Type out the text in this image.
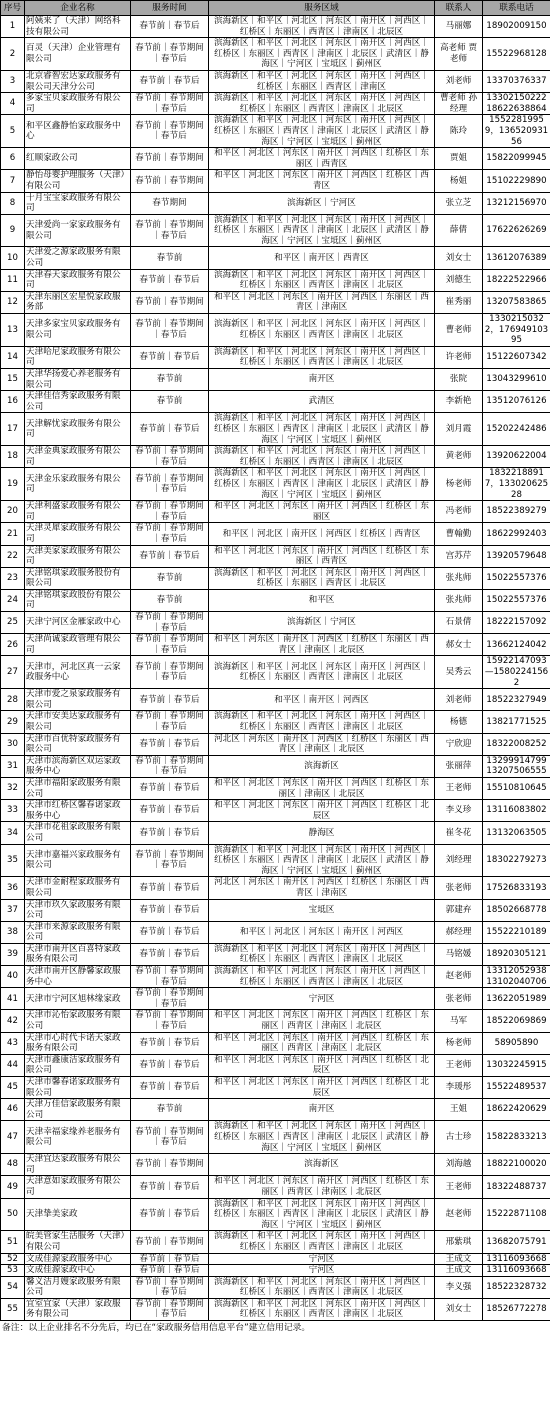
序号	企业名称	服务时间	服务区域	联系人	联系电话
1	阿姨来了（天津）网络科技有限公司	春节前｜春节后	滨海新区｜和平区｜河北区｜河东区｜南开区｜河西区｜红桥区｜东丽区｜西青区｜津南区｜北辰区	马丽娜	18902009150
2	百灵（天津）企业管理有限公司	春节前｜春节期间｜春节后	滨海新区｜和平区｜河北区｜河东区｜南开区｜河西区｜红桥区｜东丽区｜西青区｜津南区｜北辰区｜武清区｜静海区｜宁河区｜宝坻区｜蓟州区	高老师 贾老师	15522968128
3	北京睿智宏达家政服务有限公司天津分公司	春节前｜春节后	滨海新区｜和平区｜河北区｜河东区｜南开区｜河西区｜红桥区｜东丽区｜西青区｜津南区	刘老师	13370376337
4	多家宝贝家政服务有限公司	春节前｜春节期间｜春节后	滨海新区｜和平区｜河北区｜河东区｜南开区｜河西区｜红桥区｜东丽区｜西青区｜津南区｜北辰区	曹老师 孙经理	13302150222 18622638864
5	和平区鑫静怡家政服务中心	春节前｜春节期间｜春节后	滨海新区｜和平区｜河北区｜河东区｜南开区｜河西区｜红桥区｜东丽区｜西青区｜津南区｜北辰区｜武清区｜静海区｜宁河区｜宝坻区｜蓟州区	陈玲	15522819959，13652093156
6	红顺家政公司	春节前｜春节期间	和平区｜河北区｜河东区｜南开区｜河西区｜红桥区｜东丽区｜西青区	贾姐	15822099945
7	静怡母婴护理服务（天津）有限公司	春节前｜春节期间	和平区｜河北区｜河东区｜南开区｜河西区｜红桥区｜西青区	杨姐	15102229890
8	十月宝宝家政服务有限公司	春节期间	滨海新区｜宁河区	张立芝	13212156970
9	天津爱尚一家家政服务有限公司	春节前｜春节期间｜春节后	滨海新区｜和平区｜河北区｜河东区｜南开区｜河西区｜红桥区｜东丽区｜西青区｜津南区｜北辰区｜武清区｜静海区｜宁河区｜宝坻区｜蓟州区	薛倩	17622626269
10	天津爱之源家政服务有限公司	春节前	和平区｜南开区｜西青区	刘女士	13612076389
11	天津春天家政服务有限公司	春节前｜春节后	滨海新区｜和平区｜河北区｜河东区｜南开区｜河西区｜红桥区｜东丽区｜西青区｜津南区｜北辰区	刘德生	18222522966
12	天津东丽区宏星悦家政服务部	春节前｜春节期间	和平区｜河北区｜河东区｜南开区｜河西区｜东丽区｜西青区｜津南区	崔秀丽	13207583865
13	天津多家宝贝家政服务有限公司	春节前｜春节期间｜春节后	滨海新区｜和平区｜河北区｜河东区｜南开区｜河西区｜红桥区｜东丽区｜西青区｜津南区｜北辰区	曹老师	13302150322，17694910395
14	天津哈尼家政服务有限公司	春节前｜春节后	滨海新区｜和平区｜河北区｜河东区｜南开区｜河西区｜红桥区｜东丽区｜西青区｜津南区｜北辰区	许老师	15122607342
15	天津华扬爱心养老服务有限公司	春节前	南开区	张院	13043299610
16	天津佳信秀家政服务有限公司	春节前	武清区	李新艳	13512076126
17	天津解忧家政服务有限公司	春节前｜春节后	滨海新区｜和平区｜河北区｜河东区｜南开区｜河西区｜红桥区｜东丽区｜西青区｜津南区｜北辰区｜武清区｜静海区｜宁河区｜宝坻区｜蓟州区	刘月霞	15202242486
18	天津金典家政服务有限公司	春节前｜春节期间｜春节后	滨海新区｜和平区｜河北区｜河东区｜南开区｜河西区｜红桥区｜东丽区｜西青区｜津南区｜北辰区	黄老师	13920622004
19	天津金乐家政服务有限公司	春节前｜春节期间｜春节后	滨海新区｜和平区｜河北区｜河东区｜南开区｜河西区｜红桥区｜东丽区｜西青区｜津南区｜北辰区｜武清区｜静海区｜宁河区｜宝坻区｜蓟州区	杨老师	18322188917，13302062528
20	天津利盛家政服务有限公司	春节前｜春节期间｜春节后	和平区｜河北区｜河东区｜南开区｜河西区｜红桥区｜东丽区	冯老师	18522389279
21	天津灵犀家政服务有限公司	春节前｜春节期间｜春节后	和平区｜河北区｜南开区｜河西区｜红桥区｜西青区	曹翰勤	18622992403
22	天津美家家政服务有限公司	春节前｜春节后	和平区｜河北区｜河东区｜南开区｜河西区｜红桥区｜东丽区｜西青区	宫苏芹	13920579648
23	天津铭琪家政服务股份有限公司	春节前	滨海新区｜和平区｜河北区｜河东区｜南开区｜河西区｜红桥区｜东丽区｜西青区｜北辰区	张兆师	15022557376
24	天津铭琪家政股份有限公司	春节前	和平区	张兆师	15022557376
25	天津宁河区金雁家政中心	春节前｜春节期间｜春节后	滨海新区｜宁河区	石景倩	18222157092
26	天津尚诚家政管理有限公司	春节前｜春节期间｜春节后	和平区｜河东区｜南开区｜河西区｜红桥区｜东丽区｜西青区｜津南区｜北辰区	郝女士	13662124042
27	天津市，河北区真一云家政服务中心	春节前｜春节期间｜春节后	滨海新区｜和平区｜河北区｜河东区｜南开区｜河西区｜红桥区｜东丽区｜西青区｜津南区｜北辰区	吴秀云	15922147093—15802241562
28	天津市爱之泉家政服务有限公司	春节前｜春节后	和平区｜南开区｜河西区	刘老师	18522327949
29	天津市安美达家政服务有限公司	春节前｜春节期间｜春节后	滨海新区｜和平区｜河北区｜河东区｜南开区｜河西区｜红桥区｜东丽区｜西青区｜津南区｜北辰区	杨德	13821771525
30	天津市百优特家政服务有限公司	春节前｜春节后	河北区｜河东区｜南开区｜河西区｜红桥区｜东丽区｜西青区｜津南区｜北辰区	宁欣迎	18322008252
31	天津市滨海新区双运家政服务中心	春节前｜春节期间｜春节后	滨海新区	张丽萍	13299914799 13207506555
32	天津市福阳家政服务有限公司	春节前｜春节后	和平区｜河北区｜河东区｜南开区｜河西区｜红桥区｜东丽区｜津南区｜北辰区	王老师	15510810645
33	天津市红桥区馨春诺家政服务中心	春节前｜春节后	和平区｜河北区｜河东区｜南开区｜河西区｜红桥区｜北辰区	李义珍	13116083802
34	天津市花祖家政服务有限公司	春节前｜春节后	静海区	崔冬花	13132063505
35	天津市嘉福兴家政服务有限公司	春节前｜春节期间｜春节后	滨海新区｜和平区｜河北区｜河东区｜南开区｜河西区｜红桥区｜东丽区｜西青区｜津南区｜北辰区｜武清区｜静海区｜宁河区｜宝坻区｜蓟州区	刘经理	18302279273
36	天津市金耐程家政服务有限公司	春节前｜春节后	河北区｜河东区｜南开区｜河西区｜红桥区｜东丽区｜西青区｜津南区	张老师	17526833193
37	天津市玖久家政服务有限公司	春节前｜春节后	宝坻区	郭建弃	18502668778
38	天津市来源家政服务有限公司	春节前｜春节后	和平区｜河北区｜河东区｜南开区｜河西区	郝经理	15522210189
39	天津市南开区百喜特家政服务有限公司	春节前｜春节后	滨海新区｜和平区｜河北区｜河东区｜南开区｜河西区｜红桥区｜东丽区｜西青区｜津南区｜北辰区	马铭媛	18920305121
40	天津市南开区静馨家政服务中心	春节前｜春节期间｜春节后	滨海新区｜和平区｜河北区｜河东区｜南开区｜河西区｜红桥区｜东丽区｜西青区｜津南区｜北辰区	赵老师	13312052938 13102040706
41	天津市宁河区旭林缘家政	春节前｜春节期间｜春节后	宁河区	张老师	13622051989
42	天津市沁怡家政服务有限公司	春节前｜春节期间｜春节后	和平区｜河北区｜河东区｜南开区｜河西区｜红桥区｜东丽区｜西青区｜津南区｜北辰区	马军	18522069869
43	天津市心时代卡诺天家政服务有限公司	春节前｜春节后	和平区｜河北区｜河东区｜南开区｜河西区｜红桥区｜东丽区｜西青区｜津南区｜北辰区	杨老师	58905890
44	天津市鑫康洁家政服务有限公司	春节前｜春节后	和平区｜河北区｜河东区｜南开区｜河西区｜红桥区｜北辰区	王老师	13032245915
45	天津市馨春诺家政服务有限公司	春节前｜春节后	和平区｜河北区｜河东区｜南开区｜河西区｜红桥区｜北辰区	李瑗彤	15522489537
46	天津万佳信家政服务有限公司	春节前	南开区	王姐	18622420629
47	天津幸福家缘养老服务有限公司	春节前｜春节期间｜春节后	滨海新区｜和平区｜河北区｜河东区｜南开区｜河西区｜红桥区｜东丽区｜西青区｜津南区｜北辰区｜武清区｜静海区｜宁河区｜宝坻区｜蓟州区	古士珍	15822833213
48	天津宜达家政服务有限公司	春节前｜春节期间	滨海新区	刘海越	18822100020
49	天津意如家政服务有限公司	春节前｜春节后	和平区｜河北区｜河东区｜南开区｜河西区｜红桥区｜东丽区｜西青区｜津南区｜北辰区	王老师	18322488737
50	天津挚美家政	春节前｜春节后	滨海新区｜和平区｜河北区｜河东区｜南开区｜河西区｜红桥区｜东丽区｜西青区｜津南区｜北辰区｜武清区｜静海区｜宁河区｜宝坻区｜蓟州区	赵老师	15222871108
51	皖美管家生活服务（天津）有限公司	春节前｜春节期间	滨海新区｜和平区｜河北区｜河东区｜南开区｜河西区｜红桥区｜东丽区｜西青区｜津南区｜北辰区	邢紫琪	13682075791
52	文成佳源家政服务中心	春节前｜春节后	宁河区	王成文	13116093668
53	文成佳源家政中心	春节前｜春节后	宁河区	王成文	13116093668
54	馨义洁月嫂家政服务有限公司	春节前｜春节期间｜春节后	滨海新区｜和平区｜河北区｜河东区｜南开区｜河西区｜红桥区｜东丽区｜西青区｜津南区｜北辰区	李义强	18522328732
55	宜室宜家（天津）家政服务有限公司	春节前｜春节期间｜春节后	滨海新区｜和平区｜河北区｜河东区｜南开区｜河西区｜红桥区｜东丽区｜西青区｜津南区｜北辰区	刘女士	18526772278
备注：以上企业排名不分先后，均已在“家政服务信用信息平台”建立信用记录。
